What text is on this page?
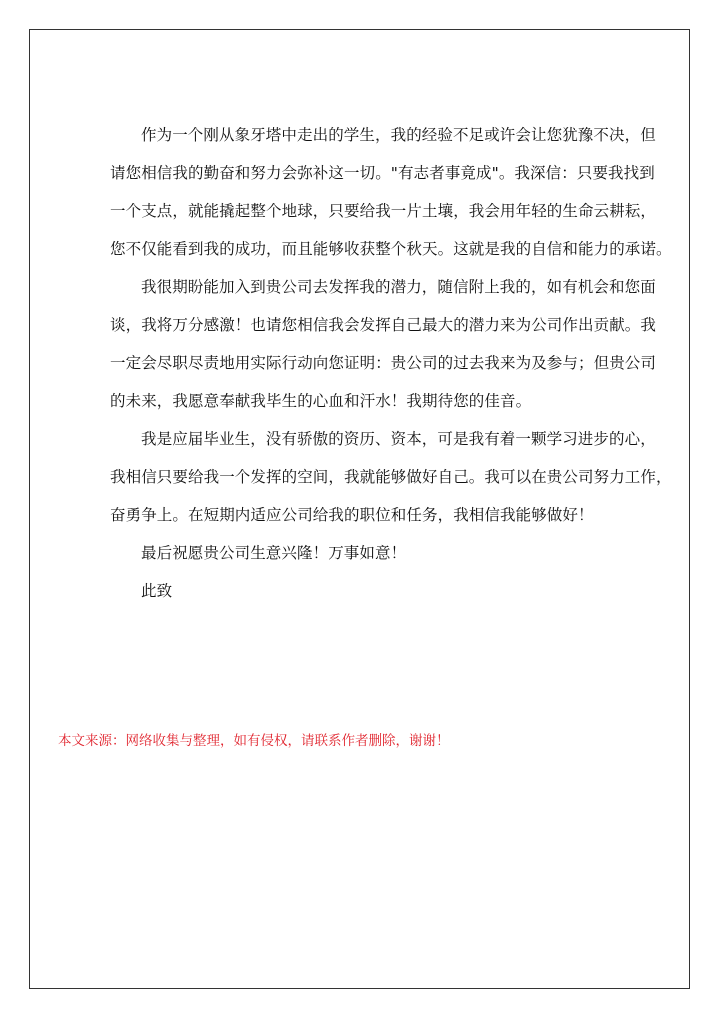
作为一个刚从象牙塔中走出的学生，我的经验不足或许会让您犹豫不决，但
请您相信我的勤奋和努力会弥补这一切。"有志者事竟成"。我深信：只要我找到
一个支点，就能撬起整个地球，只要给我一片土壤，我会用年轻的生命云耕耘，
您不仅能看到我的成功，而且能够收获整个秋天。这就是我的自信和能力的承诺。
我很期盼能加入到贵公司去发挥我的潜力，随信附上我的，如有机会和您面
谈，我将万分感激！也请您相信我会发挥自己最大的潜力来为公司作出贡献。我
一定会尽职尽责地用实际行动向您证明：贵公司的过去我来为及参与；但贵公司
的未来，我愿意奉献我毕生的心血和汗水！我期待您的佳音。
我是应届毕业生，没有骄傲的资历、资本，可是我有着一颗学习进步的心，
我相信只要给我一个发挥的空间，我就能够做好自己。我可以在贵公司努力工作，
奋勇争上。在短期内适应公司给我的职位和任务，我相信我能够做好！
最后祝愿贵公司生意兴隆！万事如意！
此致
本文来源：网络收集与整理，如有侵权，请联系作者删除，谢谢！
